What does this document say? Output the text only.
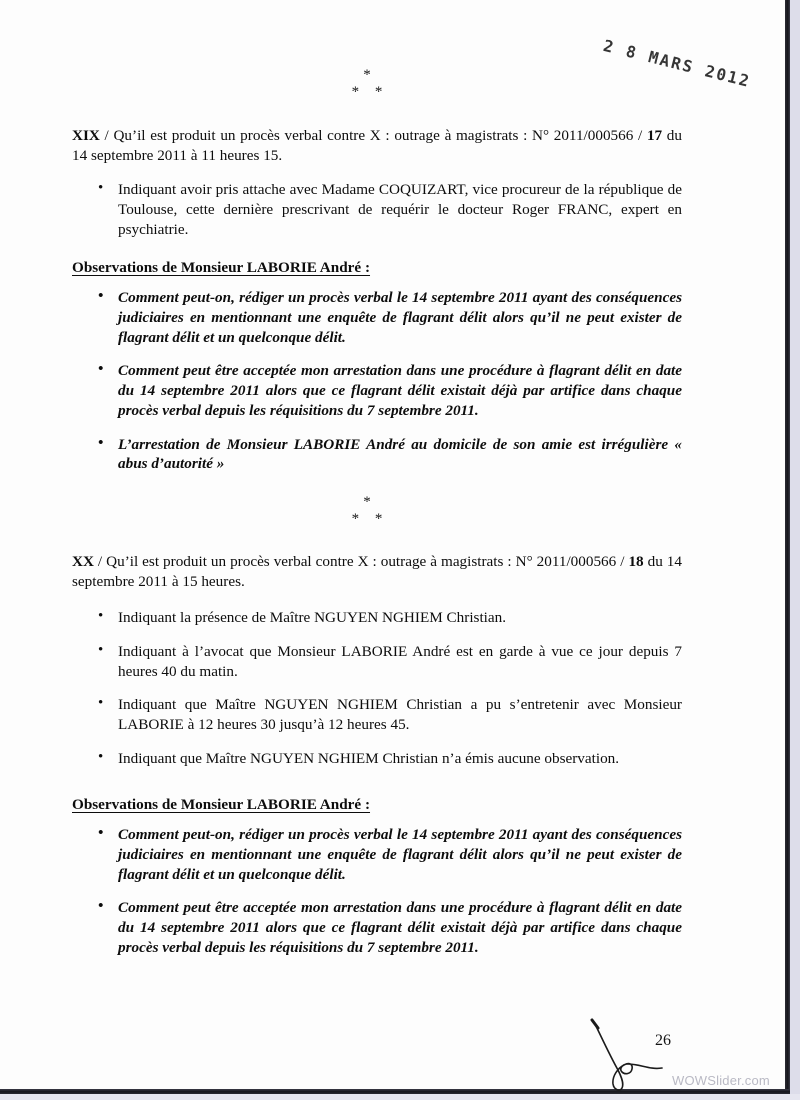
2 8 MARS 2012
*
* *

XIX / Qu’il est produit un procès verbal contre X : outrage à magistrats : N° 2011/000566 / 17 du 14 septembre 2011 à 11 heures 15.

• Indiquant avoir pris attache avec Madame COQUIZART, vice procureur de la république de Toulouse, cette dernière prescrivant de requérir le docteur Roger FRANC, expert en psychiatrie.

Observations de Monsieur LABORIE André :

• Comment peut-on, rédiger un procès verbal le 14 septembre 2011 ayant des conséquences judiciaires en mentionnant une enquête de flagrant délit alors qu’il ne peut exister de flagrant délit et un quelconque délit.
• Comment peut être acceptée mon arrestation dans une procédure à flagrant délit en date du 14 septembre 2011 alors que ce flagrant délit existait déjà par artifice dans chaque procès verbal depuis les réquisitions du 7 septembre 2011.
• L’arrestation de Monsieur LABORIE André au domicile de son amie est irrégulière « abus d’autorité »
*
* *

XX / Qu’il est produit un procès verbal contre X : outrage à magistrats : N° 2011/000566 / 18 du 14 septembre 2011 à 15 heures.

• Indiquant la présence de Maître NGUYEN NGHIEM Christian.
• Indiquant à l’avocat que Monsieur LABORIE André est en garde à vue ce jour depuis 7 heures 40 du matin.
• Indiquant que Maître NGUYEN NGHIEM Christian a pu s’entretenir avec Monsieur LABORIE à 12 heures 30 jusqu’à 12 heures 45.
• Indiquant que Maître NGUYEN NGHIEM Christian n’a émis aucune observation.

Observations de Monsieur LABORIE André :

• Comment peut-on, rédiger un procès verbal le 14 septembre 2011 ayant des conséquences judiciaires en mentionnant une enquête de flagrant délit alors qu’il ne peut exister de flagrant délit et un quelconque délit.
• Comment peut être acceptée mon arrestation dans une procédure à flagrant délit en date du 14 septembre 2011 alors que ce flagrant délit existait déjà par artifice dans chaque procès verbal depuis les réquisitions du 7 septembre 2011.
26
WOWSlider.com
